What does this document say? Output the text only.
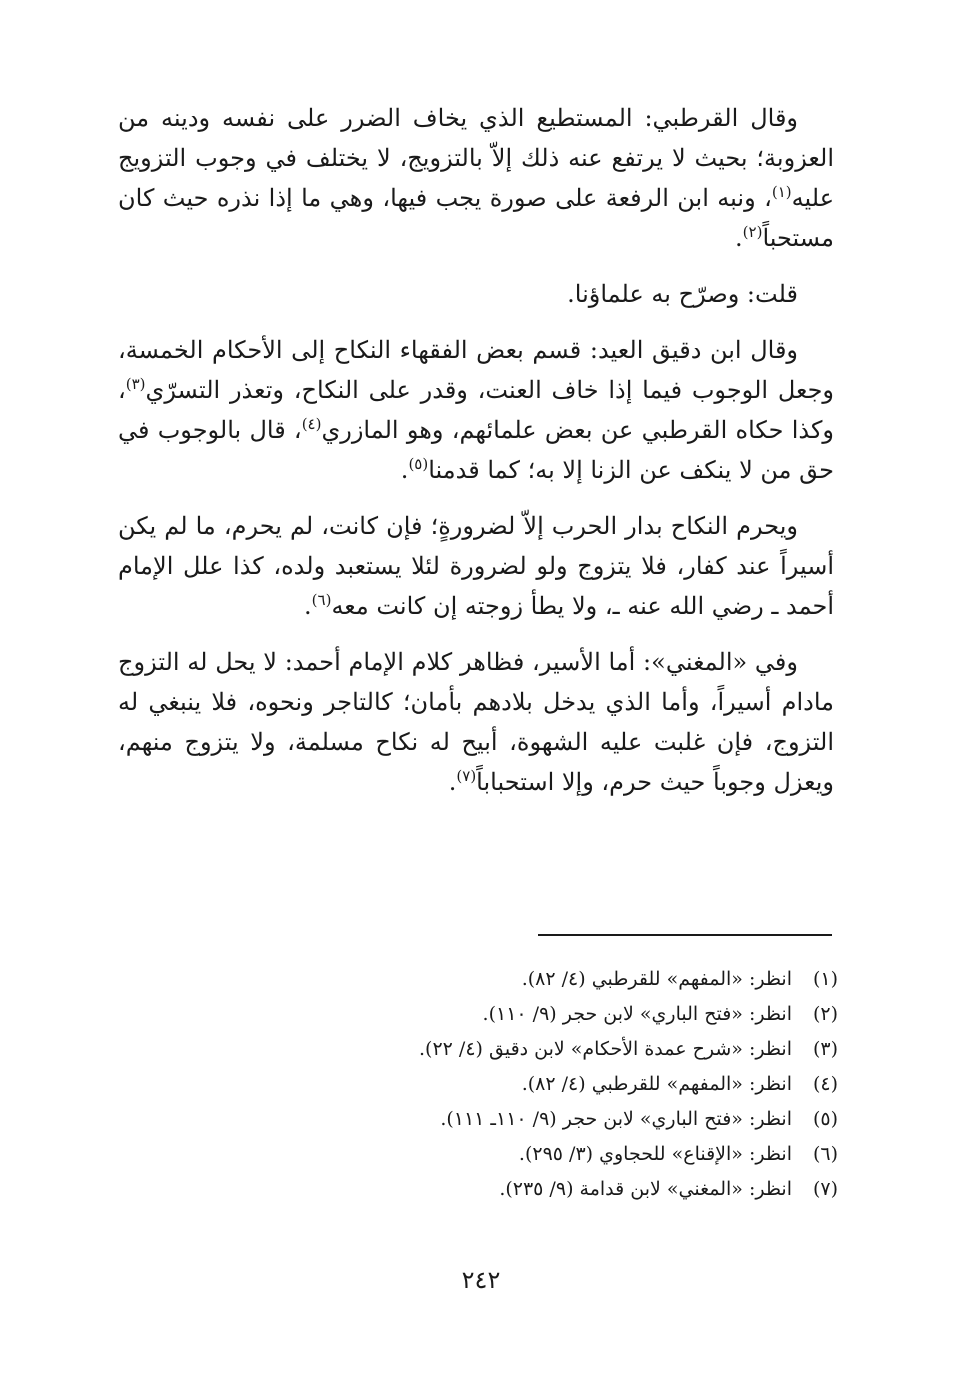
وقال القرطبي: المستطيع الذي يخاف الضرر على نفسه ودينه من العزوبة؛ بحيث لا يرتفع عنه ذلك إلاّ بالتزويج، لا يختلف في وجوب التزويج عليه$^{(١)}$، ونبه ابن الرفعة على صورة يجب فيها، وهي ما إذا نذره حيث كان مستحباً$^{(٢)}$.

قلت: وصرّح به علماؤنا.

وقال ابن دقيق العيد: قسم بعض الفقهاء النكاح إلى الأحكام الخمسة، وجعل الوجوب فيما إذا خاف العنت، وقدر على النكاح، وتعذر التسرّي$^{(٣)}$، وكذا حكاه القرطبي عن بعض علمائهم، وهو المازري$^{(٤)}$، قال بالوجوب في حق من لا ينكف عن الزنا إلا به؛ كما قدمنا$^{(٥)}$.

ويحرم النكاح بدار الحرب إلاّ لضرورةٍ؛ فإن كانت، لم يحرم، ما لم يكن أسيراً عند كفار، فلا يتزوج ولو لضرورة لئلا يستعبد ولده، كذا علل الإمام أحمد ـ رضي الله عنه ـ، ولا يطأ زوجته إن كانت معه$^{(٦)}$.

وفي «المغني»: أما الأسير، فظاهر كلام الإمام أحمد: لا يحل له التزوج مادام أسيراً، وأما الذي يدخل بلادهم بأمان؛ كالتاجر ونحوه، فلا ينبغي له التزوج، فإن غلبت عليه الشهوة، أبيح له نكاح مسلمة، ولا يتزوج منهم، ويعزل وجوباً حيث حرم، وإلا استحباباً$^{(٧)}$.

(١)انظر: «المفهم» للقرطبي (٤/ ٨٢).
(٢)انظر: «فتح الباري» لابن حجر (٩/ ١١٠).
(٣)انظر: «شرح عمدة الأحكام» لابن دقيق (٤/ ٢٢).
(٤)انظر: «المفهم» للقرطبي (٤/ ٨٢).
(٥)انظر: «فتح الباري» لابن حجر (٩/ ١١٠ـ ١١١).
(٦)انظر: «الإقناع» للحجاوي (٣/ ٢٩٥).
(٧)انظر: «المغني» لابن قدامة (٩/ ٢٣٥).
٢٤٢
